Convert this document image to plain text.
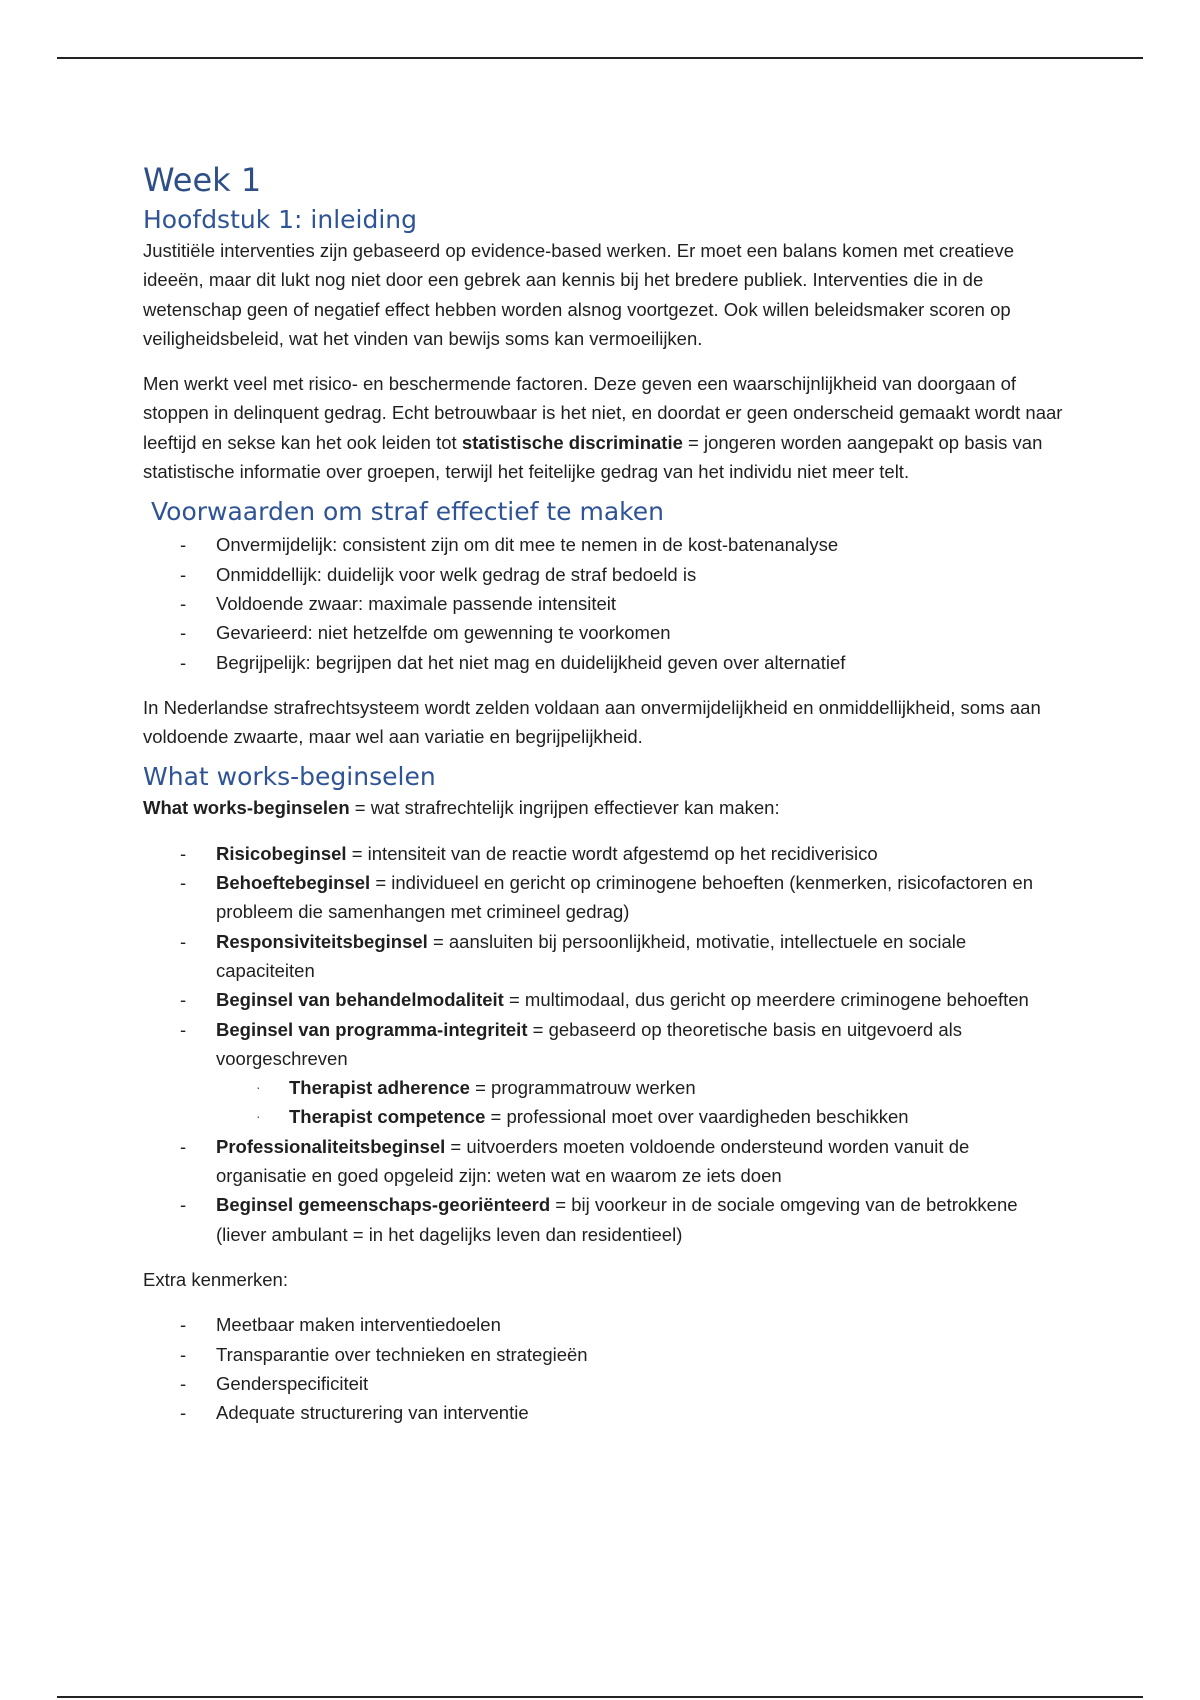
Week 1
Hoofdstuk 1: inleiding

Justitiële interventies zijn gebaseerd op evidence-based werken. Er moet een balans komen met creatieve ideeën, maar dit lukt nog niet door een gebrek aan kennis bij het bredere publiek. Interventies die in de wetenschap geen of negatief effect hebben worden alsnog voortgezet. Ook willen beleidsmaker scoren op veiligheidsbeleid, wat het vinden van bewijs soms kan vermoeilijken.

Men werkt veel met risico- en beschermende factoren. Deze geven een waarschijnlijkheid van doorgaan of stoppen in delinquent gedrag. Echt betrouwbaar is het niet, en doordat er geen onderscheid gemaakt wordt naar leeftijd en sekse kan het ook leiden tot statistische discriminatie = jongeren worden aangepakt op basis van statistische informatie over groepen, terwijl het feitelijke gedrag van het individu niet meer telt.

Voorwaarden om straf effectief te maken
- Onvermijdelijk: consistent zijn om dit mee te nemen in de kost-batenanalyse
- Onmiddellijk: duidelijk voor welk gedrag de straf bedoeld is
- Voldoende zwaar: maximale passende intensiteit
- Gevarieerd: niet hetzelfde om gewenning te voorkomen
- Begrijpelijk: begrijpen dat het niet mag en duidelijkheid geven over alternatief

In Nederlandse strafrechtsysteem wordt zelden voldaan aan onvermijdelijkheid en onmiddellijkheid, soms aan voldoende zwaarte, maar wel aan variatie en begrijpelijkheid.

What works-beginselen

What works-beginselen = wat strafrechtelijk ingrijpen effectiever kan maken:

- Risicobeginsel = intensiteit van de reactie wordt afgestemd op het recidiverisico
- Behoeftebeginsel = individueel en gericht op criminogene behoeften (kenmerken, risicofactoren en probleem die samenhangen met crimineel gedrag)
- Responsiviteitsbeginsel = aansluiten bij persoonlijkheid, motivatie, intellectuele en sociale capaciteiten
- Beginsel van behandelmodaliteit = multimodaal, dus gericht op meerdere criminogene behoeften
- Beginsel van programma-integriteit = gebaseerd op theoretische basis en uitgevoerd als voorgeschreven
· Therapist adherence = programmatrouw werken
· Therapist competence = professional moet over vaardigheden beschikken
- Professionaliteitsbeginsel = uitvoerders moeten voldoende ondersteund worden vanuit de organisatie en goed opgeleid zijn: weten wat en waarom ze iets doen
- Beginsel gemeenschaps-georiënteerd = bij voorkeur in de sociale omgeving van de betrokkene (liever ambulant = in het dagelijks leven dan residentieel)

Extra kenmerken:

- Meetbaar maken interventiedoelen
- Transparantie over technieken en strategieën
- Genderspecificiteit
- Adequate structurering van interventie
